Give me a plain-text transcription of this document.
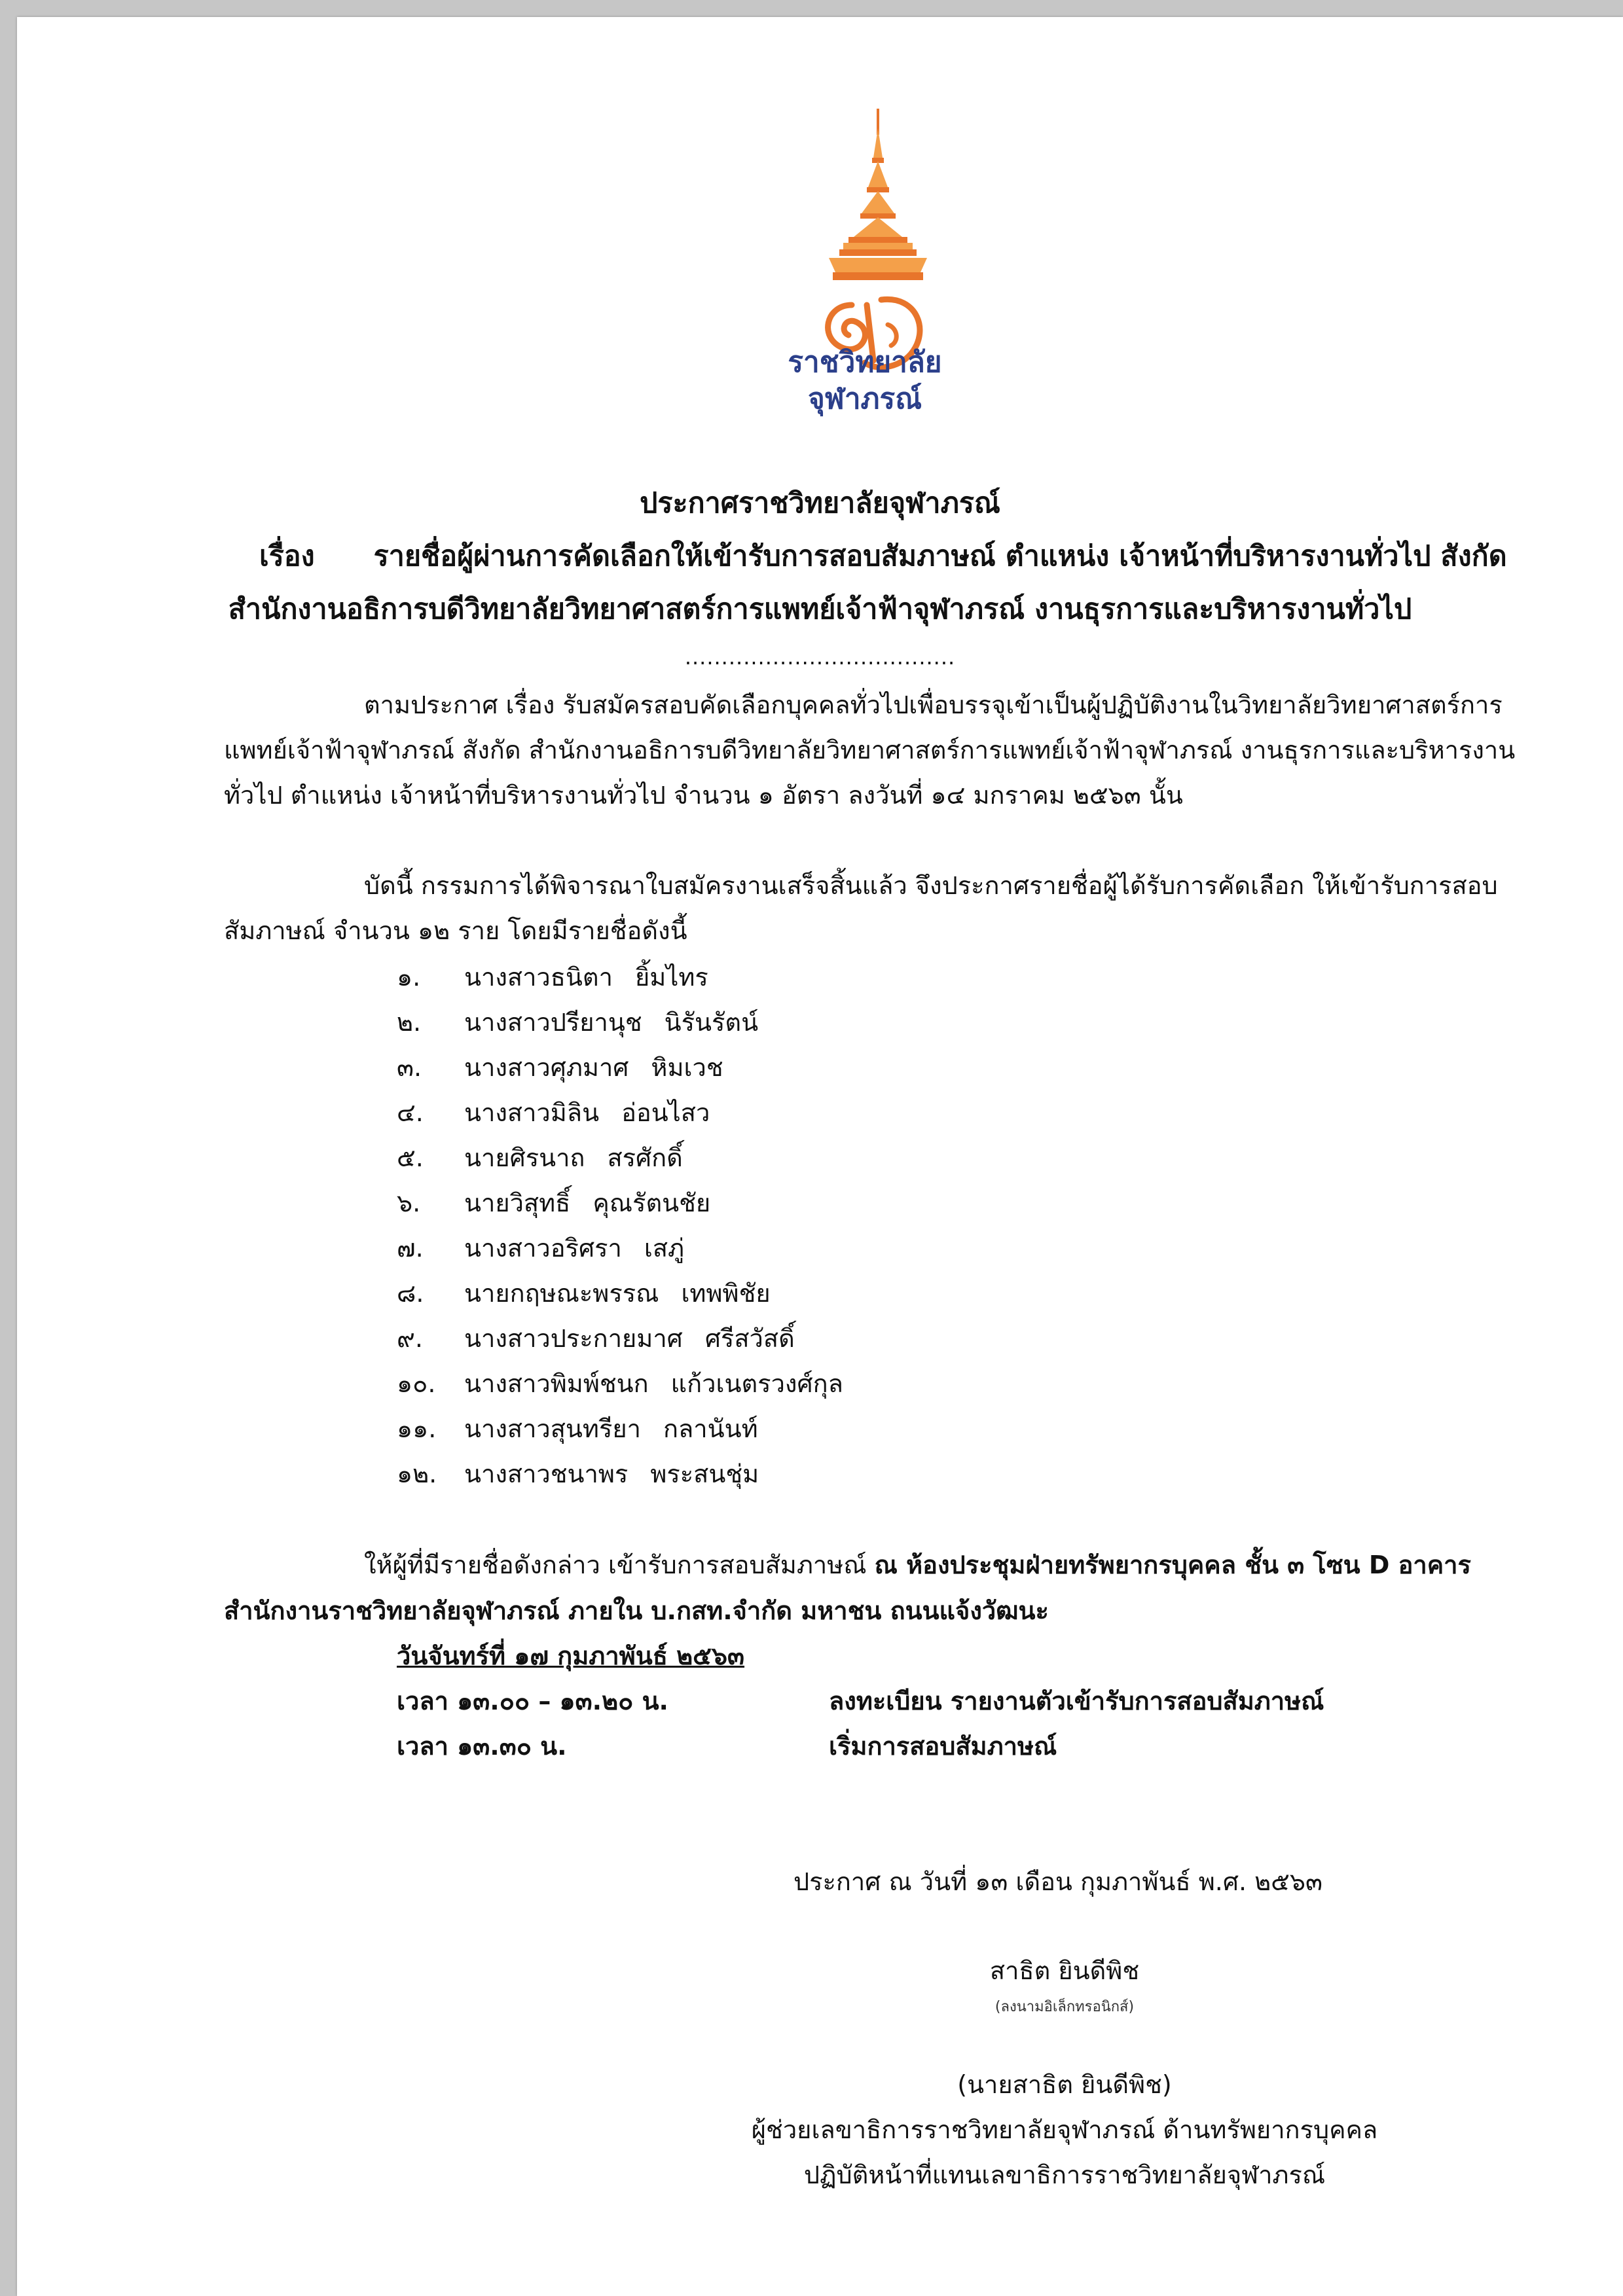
ราชวิทยาลัย
จุฬาภรณ์
ประกาศราชวิทยาลัยจุฬาภรณ์
เรื่อง รายชื่อผู้ผ่านการคัดเลือกให้เข้ารับการสอบสัมภาษณ์ ตำแหน่ง เจ้าหน้าที่บริหารงานทั่วไป สังกัด
สำนักงานอธิการบดีวิทยาลัยวิทยาศาสตร์การแพทย์เจ้าฟ้าจุฬาภรณ์ งานธุรการและบริหารงานทั่วไป
.....................................
ตามประกาศ เรื่อง รับสมัครสอบคัดเลือกบุคคลทั่วไปเพื่อบรรจุเข้าเป็นผู้ปฏิบัติงานในวิทยาลัยวิทยาศาสตร์การ
แพทย์เจ้าฟ้าจุฬาภรณ์ สังกัด สำนักงานอธิการบดีวิทยาลัยวิทยาศาสตร์การแพทย์เจ้าฟ้าจุฬาภรณ์ งานธุรการและบริหารงาน
ทั่วไป ตำแหน่ง เจ้าหน้าที่บริหารงานทั่วไป จำนวน ๑ อัตรา ลงวันที่ ๑๔ มกราคม ๒๕๖๓ นั้น
บัดนี้ กรรมการได้พิจารณาใบสมัครงานเสร็จสิ้นแล้ว จึงประกาศรายชื่อผู้ได้รับการคัดเลือก ให้เข้ารับการสอบ
สัมภาษณ์ จำนวน ๑๒ ราย โดยมีรายชื่อดังนี้
๑. นางสาวธนิตา ยิ้มไทร
๒. นางสาวปรียานุช นิรันรัตน์
๓. นางสาวศุภมาศ หิมเวช
๔. นางสาวมิลิน อ่อนไสว
๕. นายศิรนาถ สรศักดิ์
๖. นายวิสุทธิ์ คุณรัตนชัย
๗. นางสาวอริศรา เสภู่
๘. นายกฤษณะพรรณ เทพพิชัย
๙. นางสาวประกายมาศ ศรีสวัสดิ์
๑๐. นางสาวพิมพ์ชนก แก้วเนตรวงศ์กุล
๑๑. นางสาวสุนทรียา กลานันท์
๑๒. นางสาวชนาพร พระสนชุ่ม
ให้ผู้ที่มีรายชื่อดังกล่าว เข้ารับการสอบสัมภาษณ์ ณ ห้องประชุมฝ่ายทรัพยากรบุคคล ชั้น ๓ โซน D อาคาร
สำนักงานราชวิทยาลัยจุฬาภรณ์ ภายใน บ.กสท.จำกัด มหาชน ถนนแจ้งวัฒนะ
วันจันทร์ที่ ๑๗ กุมภาพันธ์ ๒๕๖๓
เวลา ๑๓.๐๐ – ๑๓.๒๐ น.	ลงทะเบียน รายงานตัวเข้ารับการสอบสัมภาษณ์
เวลา ๑๓.๓๐ น.	เริ่มการสอบสัมภาษณ์
ประกาศ ณ วันที่ ๑๓ เดือน กุมภาพันธ์ พ.ศ. ๒๕๖๓
สาธิต ยินดีพิช
(ลงนามอิเล็กทรอนิกส์)
(นายสาธิต ยินดีพิช)
ผู้ช่วยเลขาธิการราชวิทยาลัยจุฬาภรณ์ ด้านทรัพยากรบุคคล
ปฏิบัติหน้าที่แทนเลขาธิการราชวิทยาลัยจุฬาภรณ์
